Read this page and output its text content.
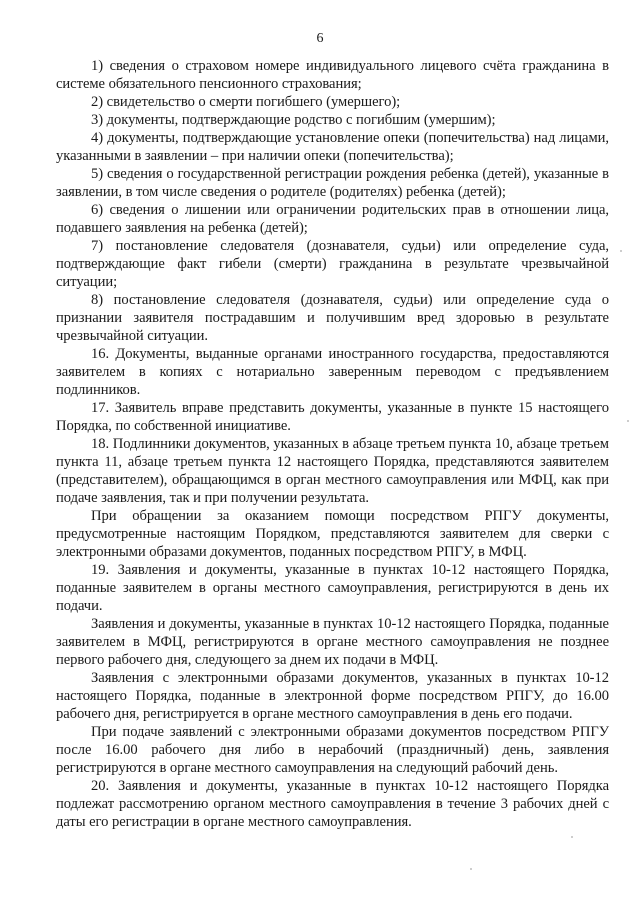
6

1) сведения о страховом номере индивидуального лицевого счёта гражданина в системе обязательного пенсионного страхования;

2) свидетельство о смерти погибшего (умершего);

3) документы, подтверждающие родство с погибшим (умершим);

4) документы, подтверждающие установление опеки (попечительства) над лицами, указанными в заявлении – при наличии опеки (попечительства);

5) сведения о государственной регистрации рождения ребенка (детей), указанные в заявлении, в том числе сведения о родителе (родителях) ребенка (детей);

6) сведения о лишении или ограничении родительских прав в отношении лица, подавшего заявления на ребенка (детей);

7) постановление следователя (дознавателя, судьи) или определение суда, подтверждающие факт гибели (смерти) гражданина в результате чрезвычайной ситуации;

8) постановление следователя (дознавателя, судьи) или определение суда о признании заявителя пострадавшим и получившим вред здоровью в результате чрезвычайной ситуации.

16. Документы, выданные органами иностранного государства, предоставляются заявителем в копиях с нотариально заверенным переводом с предъявлением подлинников.

17. Заявитель вправе представить документы, указанные в пункте 15 настоящего Порядка, по собственной инициативе.

18. Подлинники документов, указанных в абзаце третьем пункта 10, абзаце третьем пункта 11, абзаце третьем пункта 12 настоящего Порядка, представляются заявителем (представителем), обращающимся в орган местного самоуправления или МФЦ, как при подаче заявления, так и при получении результата.

При обращении за оказанием помощи посредством РПГУ документы, предусмотренные настоящим Порядком, представляются заявителем для сверки с электронными образами документов, поданных посредством РПГУ, в МФЦ.

19. Заявления и документы, указанные в пунктах 10-12 настоящего Порядка, поданные заявителем в органы местного самоуправления, регистрируются в день их подачи.

Заявления и документы, указанные в пунктах 10-12 настоящего Порядка, поданные заявителем в МФЦ, регистрируются в органе местного самоуправления не позднее первого рабочего дня, следующего за днем их подачи в МФЦ.

Заявления с электронными образами документов, указанных в пунктах 10-12 настоящего Порядка, поданные в электронной форме посредством РПГУ, до 16.00 рабочего дня, регистрируется в органе местного самоуправления в день его подачи.

При подаче заявлений с электронными образами документов посредством РПГУ после 16.00 рабочего дня либо в нерабочий (праздничный) день, заявления регистрируются в органе местного самоуправления на следующий рабочий день.

20. Заявления и документы, указанные в пунктах 10-12 настоящего Порядка подлежат рассмотрению органом местного самоуправления в течение 3 рабочих дней с даты его регистрации в органе местного самоуправления.
